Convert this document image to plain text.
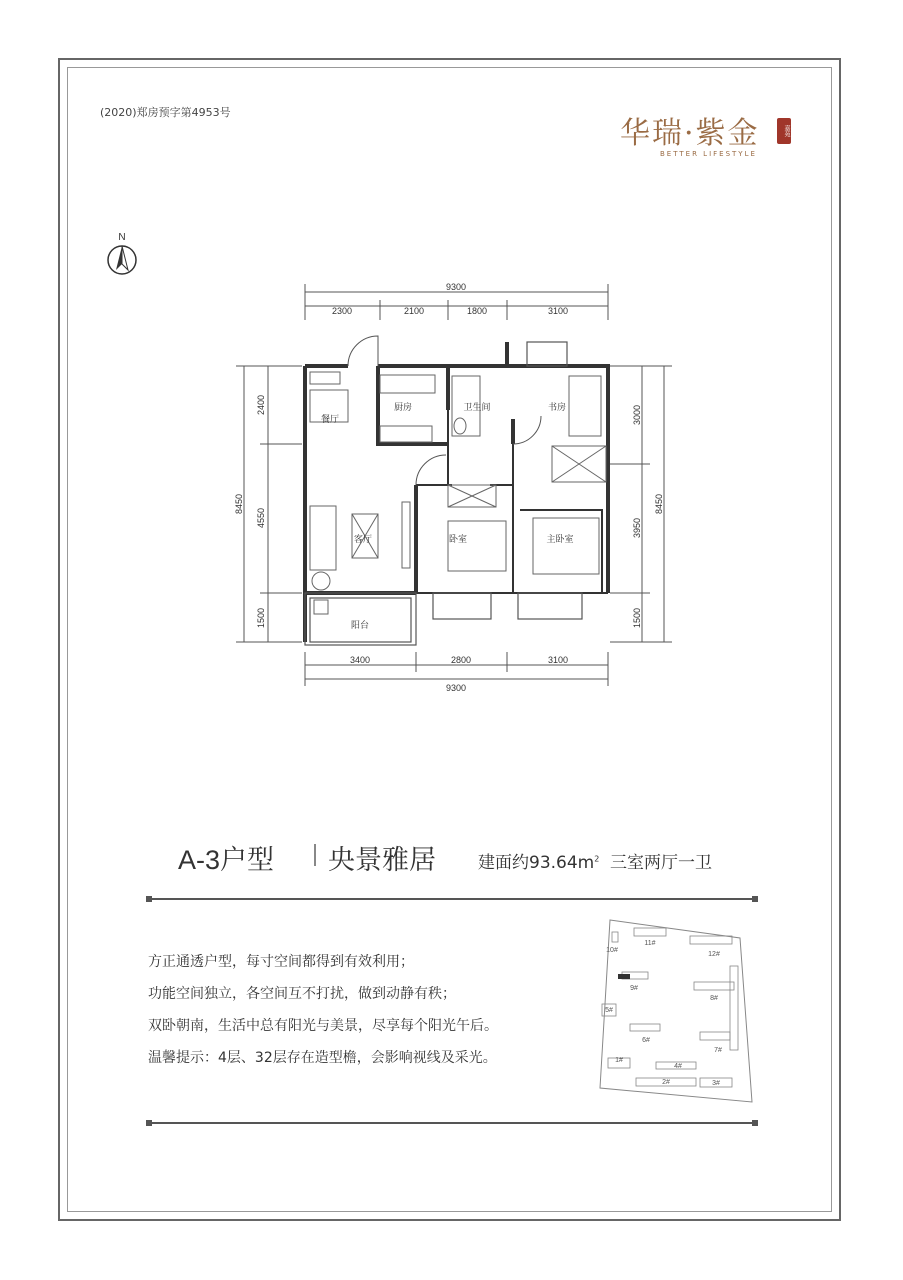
(2020)郑房预字第4953号
华瑞·紫金
BETTER LIFESTYLE
嘉苑
N
9300
2300	2100	1800	3100
3400	2800	3100
9300
8450
2400
4550
1500
3000
3950
1500
8450
餐厅
厨房	卫生间	书房
客厅	卧室	主卧室
阳台
A-3户型 央景雅居 建面约$93.64m^2$ 三室两厅一卫
方正通透户型，每寸空间都得到有效利用；
功能空间独立，各空间互不打扰，做到动静有秩；
双卧朝南，生活中总有阳光与美景，尽享每个阳光午后。
温馨提示：4层、32层存在造型檐，会影响视线及采光。
10#
11#
12#
9#
8#
5#
6#
7#
1#
4#
2#	3#
